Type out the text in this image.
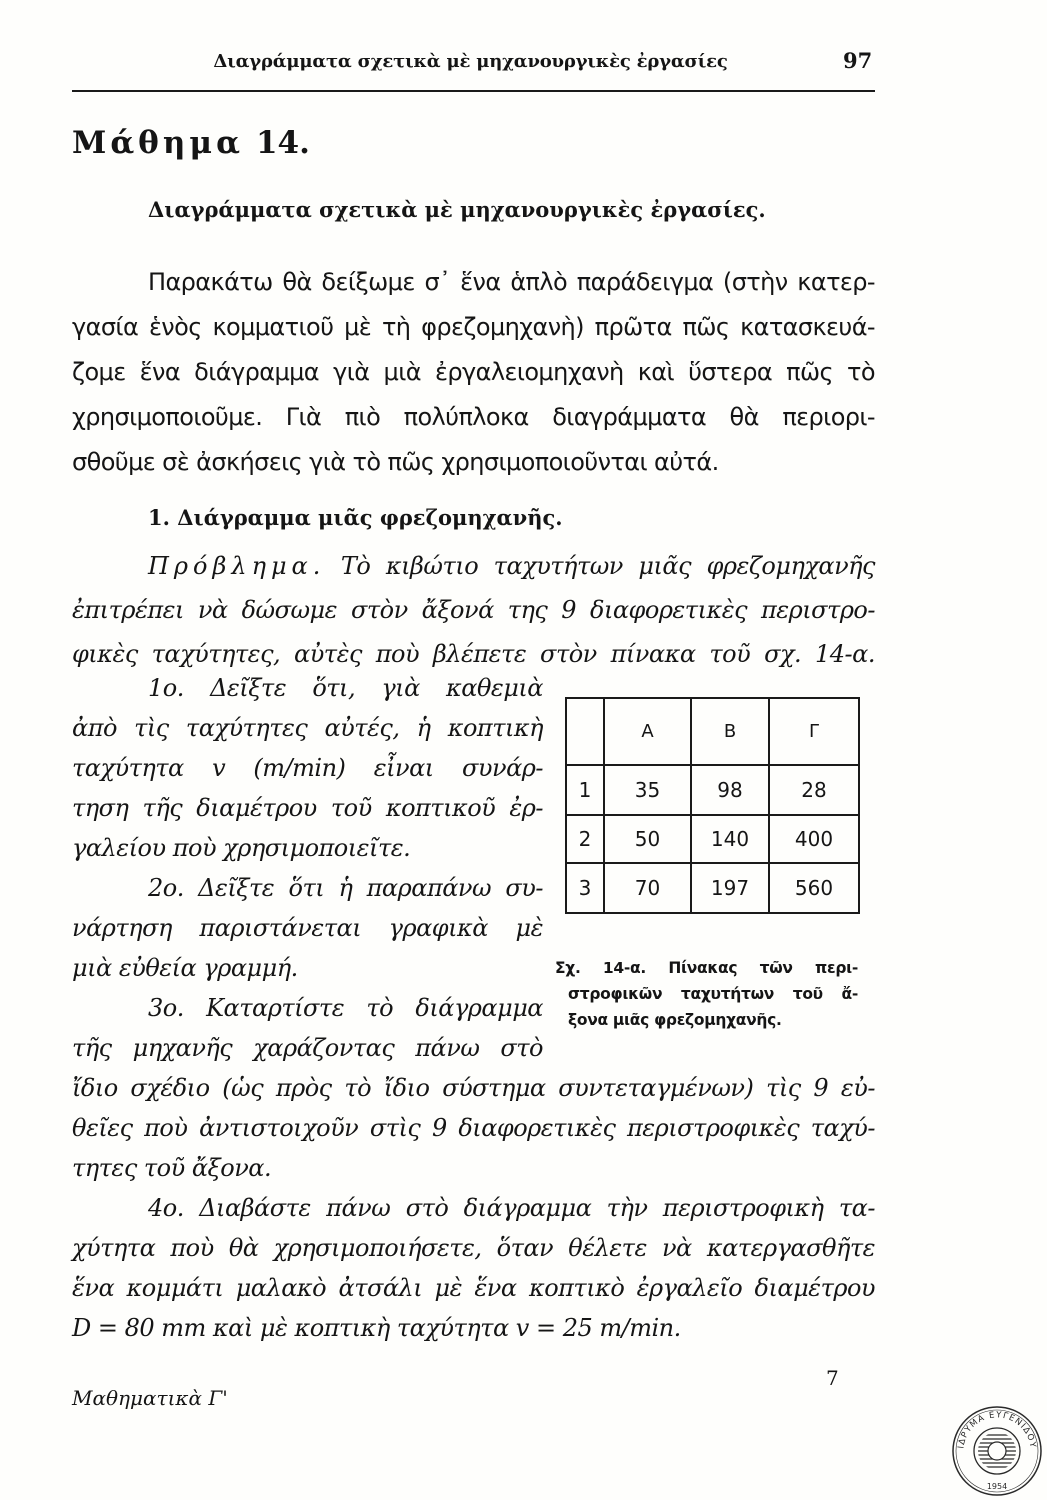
Διαγράμματα σχετικὰ μὲ μηχανουργικὲς ἐργασίες	97
Μάθημα 14.
Διαγράμματα σχετικὰ μὲ μηχανουργικὲς ἐργασίες.
Παρακάτω θὰ δείξωμε σ᾽ ἕνα ἁπλὸ παράδειγμα (στὴν κατερ-
γασία ἑνὸς κομματιοῦ μὲ τὴ φρεζομηχανὴ) πρῶτα πῶς κατασκευά-
ζομε ἕνα διάγραμμα γιὰ μιὰ ἐργαλειομηχανὴ καὶ ὕστερα πῶς τὸ
χρησιμοποιοῦμε. Γιὰ πιὸ πολύπλοκα διαγράμματα θὰ περιορι-
σθοῦμε σὲ ἀσκήσεις γιὰ τὸ πῶς χρησιμοποιοῦνται αὐτά.
1. Διάγραμμα μιᾶς φρεζομηχανῆς.
Πρόβλημα. Τὸ κιβώτιο ταχυτήτων μιᾶς φρεζομηχανῆς
ἐπιτρέπει νὰ δώσωμε στὸν ἄξονά της 9 διαφορετικὲς περιστρο-
φικὲς ταχύτητες, αὐτὲς ποὺ βλέπετε στὸν πίνακα τοῦ σχ. 14-α.
1ο. Δεῖξτε ὅτι, γιὰ καθεμιὰ
ἀπὸ τὶς ταχύτητες αὐτές, ἡ κοπτικὴ
ταχύτητα v (m/min) εἶναι συνάρ-
τηση τῆς διαμέτρου τοῦ κοπτικοῦ ἐρ-
γαλείου ποὺ χρησιμοποιεῖτε.
2ο. Δεῖξτε ὅτι ἡ παραπάνω συ-
νάρτηση παριστάνεται γραφικὰ μὲ
μιὰ εὐθεία γραμμή.
3ο. Καταρτίστε τὸ διάγραμμα
τῆς μηχανῆς χαράζοντας πάνω στὸ
ἴδιο σχέδιο (ὡς πρὸς τὸ ἴδιο σύστημα συντεταγμένων) τὶς 9 εὐ-
θεῖες ποὺ ἀντιστοιχοῦν στὶς 9 διαφορετικὲς περιστροφικὲς ταχύ-
τητες τοῦ ἄξονα.
4ο. Διαβάστε πάνω στὸ διάγραμμα τὴν περιστροφικὴ τα-
χύτητα ποὺ θὰ χρησιμοποιήσετε, ὅταν θέλετε νὰ κατεργασθῆτε
ἕνα κομμάτι μαλακὸ ἀτσάλι μὲ ἕνα κοπτικὸ ἐργαλεῖο διαμέτρου
D = 80 mm καὶ μὲ κοπτικὴ ταχύτητα v = 25 m/min.
	Α	Β	Γ
1	35	98	28
2	50	140	400
3	70	197	560
Σχ. 14-α. Πίνακας τῶν περι-
στροφικῶν ταχυτήτων τοῦ ἄ-
ξονα μιᾶς φρεζομηχανῆς.
Μαθηματικὰ Γ'
7
ΙΔΡΥΜΑ ΕΥΓΕΝΙΔΟΥ
1954
